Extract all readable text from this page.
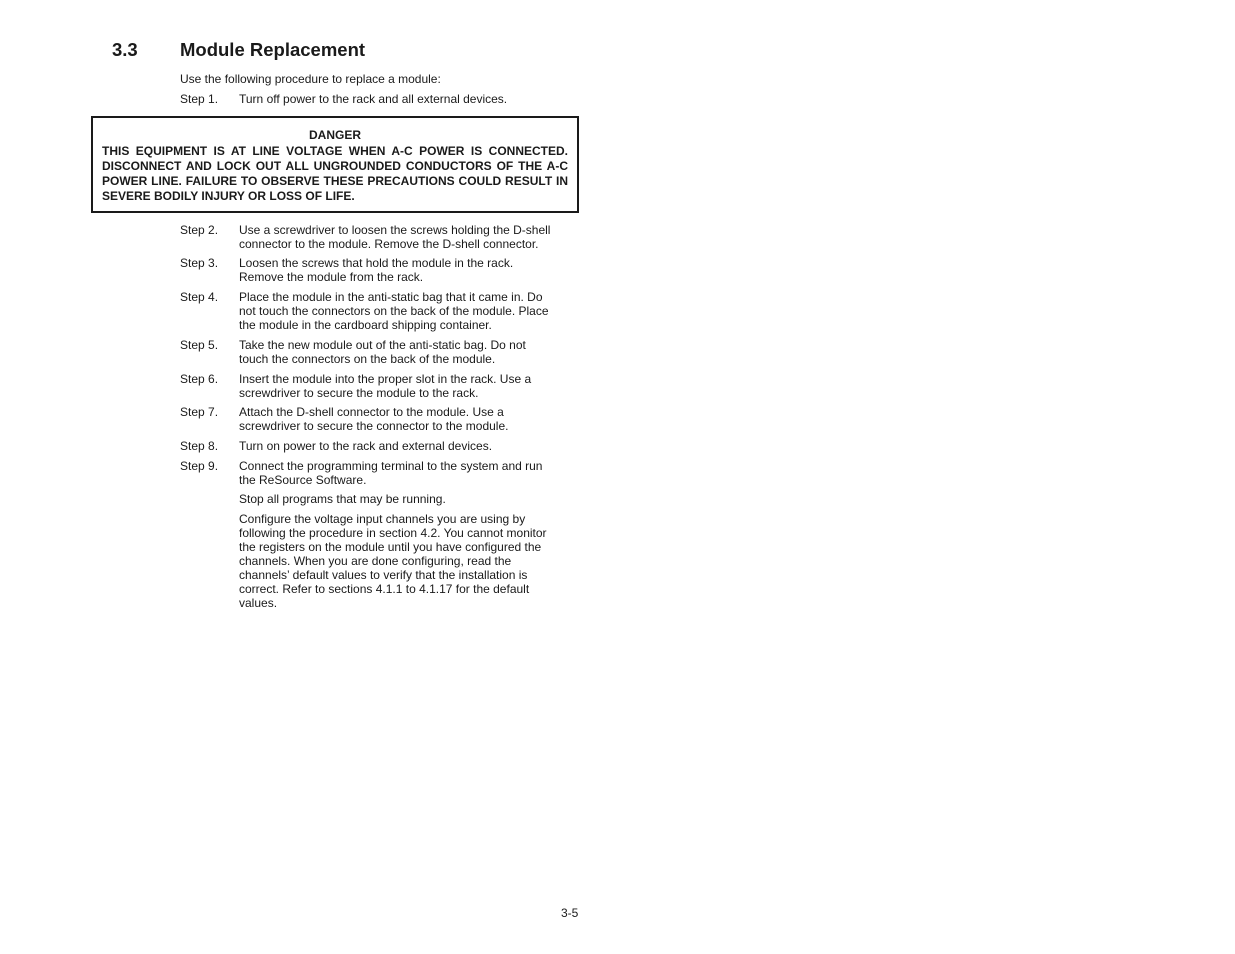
3.3 Module Replacement
Use the following procedure to replace a module:
Step 1.	Turn off power to the rack and all external devices.
DANGER
THIS EQUIPMENT IS AT LINE VOLTAGE WHEN A-C POWER IS CONNECTED. DISCONNECT AND LOCK OUT ALL UNGROUNDED CONDUCTORS OF THE A-C POWER LINE. FAILURE TO OBSERVE THESE PRECAUTIONS COULD RESULT IN SEVERE BODILY INJURY OR LOSS OF LIFE.
Step 2.	Use a screwdriver to loosen the screws holding the D-shell
connector to the module. Remove the D-shell connector.
Step 3.	Loosen the screws that hold the module in the rack.
Remove the module from the rack.
Step 4.	Place the module in the anti-static bag that it came in. Do
not touch the connectors on the back of the module. Place
the module in the cardboard shipping container.
Step 5.	Take the new module out of the anti-static bag. Do not
touch the connectors on the back of the module.
Step 6.	Insert the module into the proper slot in the rack. Use a
screwdriver to secure the module to the rack.
Step 7.	Attach the D-shell connector to the module. Use a
screwdriver to secure the connector to the module.
Step 8.	Turn on power to the rack and external devices.
Step 9.	Connect the programming terminal to the system and run
the ReSource Software.
Stop all programs that may be running.
Configure the voltage input channels you are using by
following the procedure in section 4.2. You cannot monitor
the registers on the module until you have configured the
channels. When you are done configuring, read the
channels’ default values to verify that the installation is
correct. Refer to sections 4.1.1 to 4.1.17 for the default
values.
3-5
